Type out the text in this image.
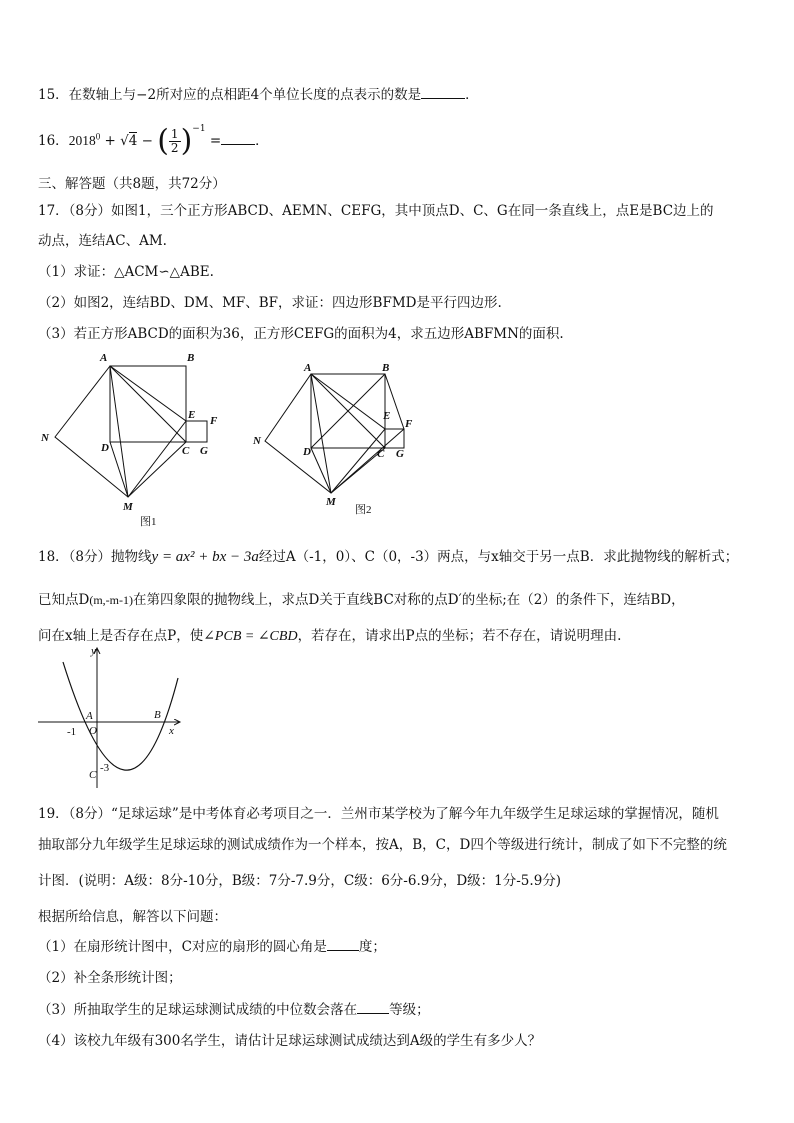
15．在数轴上与−2所对应的点相距4个单位长度的点表示的数是	．
16．$2018^0 + √4$ − ( $\frac{1}{2})^{-1}$ =	．
三、解答题（共8题，共72分）
17．（8分）如图1，三个正方形ABCD、AEMN、CEFG，其中顶点D、C、G在同一条直线上，点E是BC边上的
动点，连结AC、AM.
（1）求证：△ACM∽△ABE.
（2）如图2，连结BD、DM、MF、BF，求证：四边形BFMD是平行四边形.
（3）若正方形ABCD的面积为36，正方形CEFG的面积为4，求五边形ABFMN的面积.
A	B
E F
N
D	C G
M
图1
A	B
E
F
N
D	C G
M
图2
18．（8分）抛物线y = ax² + bx − 3a经过A（-1，0）、C（0，-3）两点，与x轴交于另一点B．求此抛物线的解析式；
已知点D(m,-m-1)在第四象限的抛物线上，求点D关于直线BC对称的点D′的坐标;在（2）的条件下，连结BD，
问在x轴上是否存在点P，使∠PCB = ∠CBD，若存在，请求出P点的坐标；若不存在，请说明理由.
y
x
A	B
O
C
-1
-3
19．（8分）“足球运球”是中考体育必考项目之一．兰州市某学校为了解今年九年级学生足球运球的掌握情况，随机
抽取部分九年级学生足球运球的测试成绩作为一个样本，按A，B，C，D四个等级进行统计，制成了如下不完整的统
计图．(说明：A级：8分-10分，B级：7分-7.9分，C级：6分-6.9分，D级：1分-5.9分)
根据所给信息，解答以下问题：
（1）在扇形统计图中，C对应的扇形的圆心角是 度；
（2）补全条形统计图；
（3）所抽取学生的足球运球测试成绩的中位数会落在 等级；
（4）该校九年级有300名学生，请估计足球运球测试成绩达到A级的学生有多少人？
